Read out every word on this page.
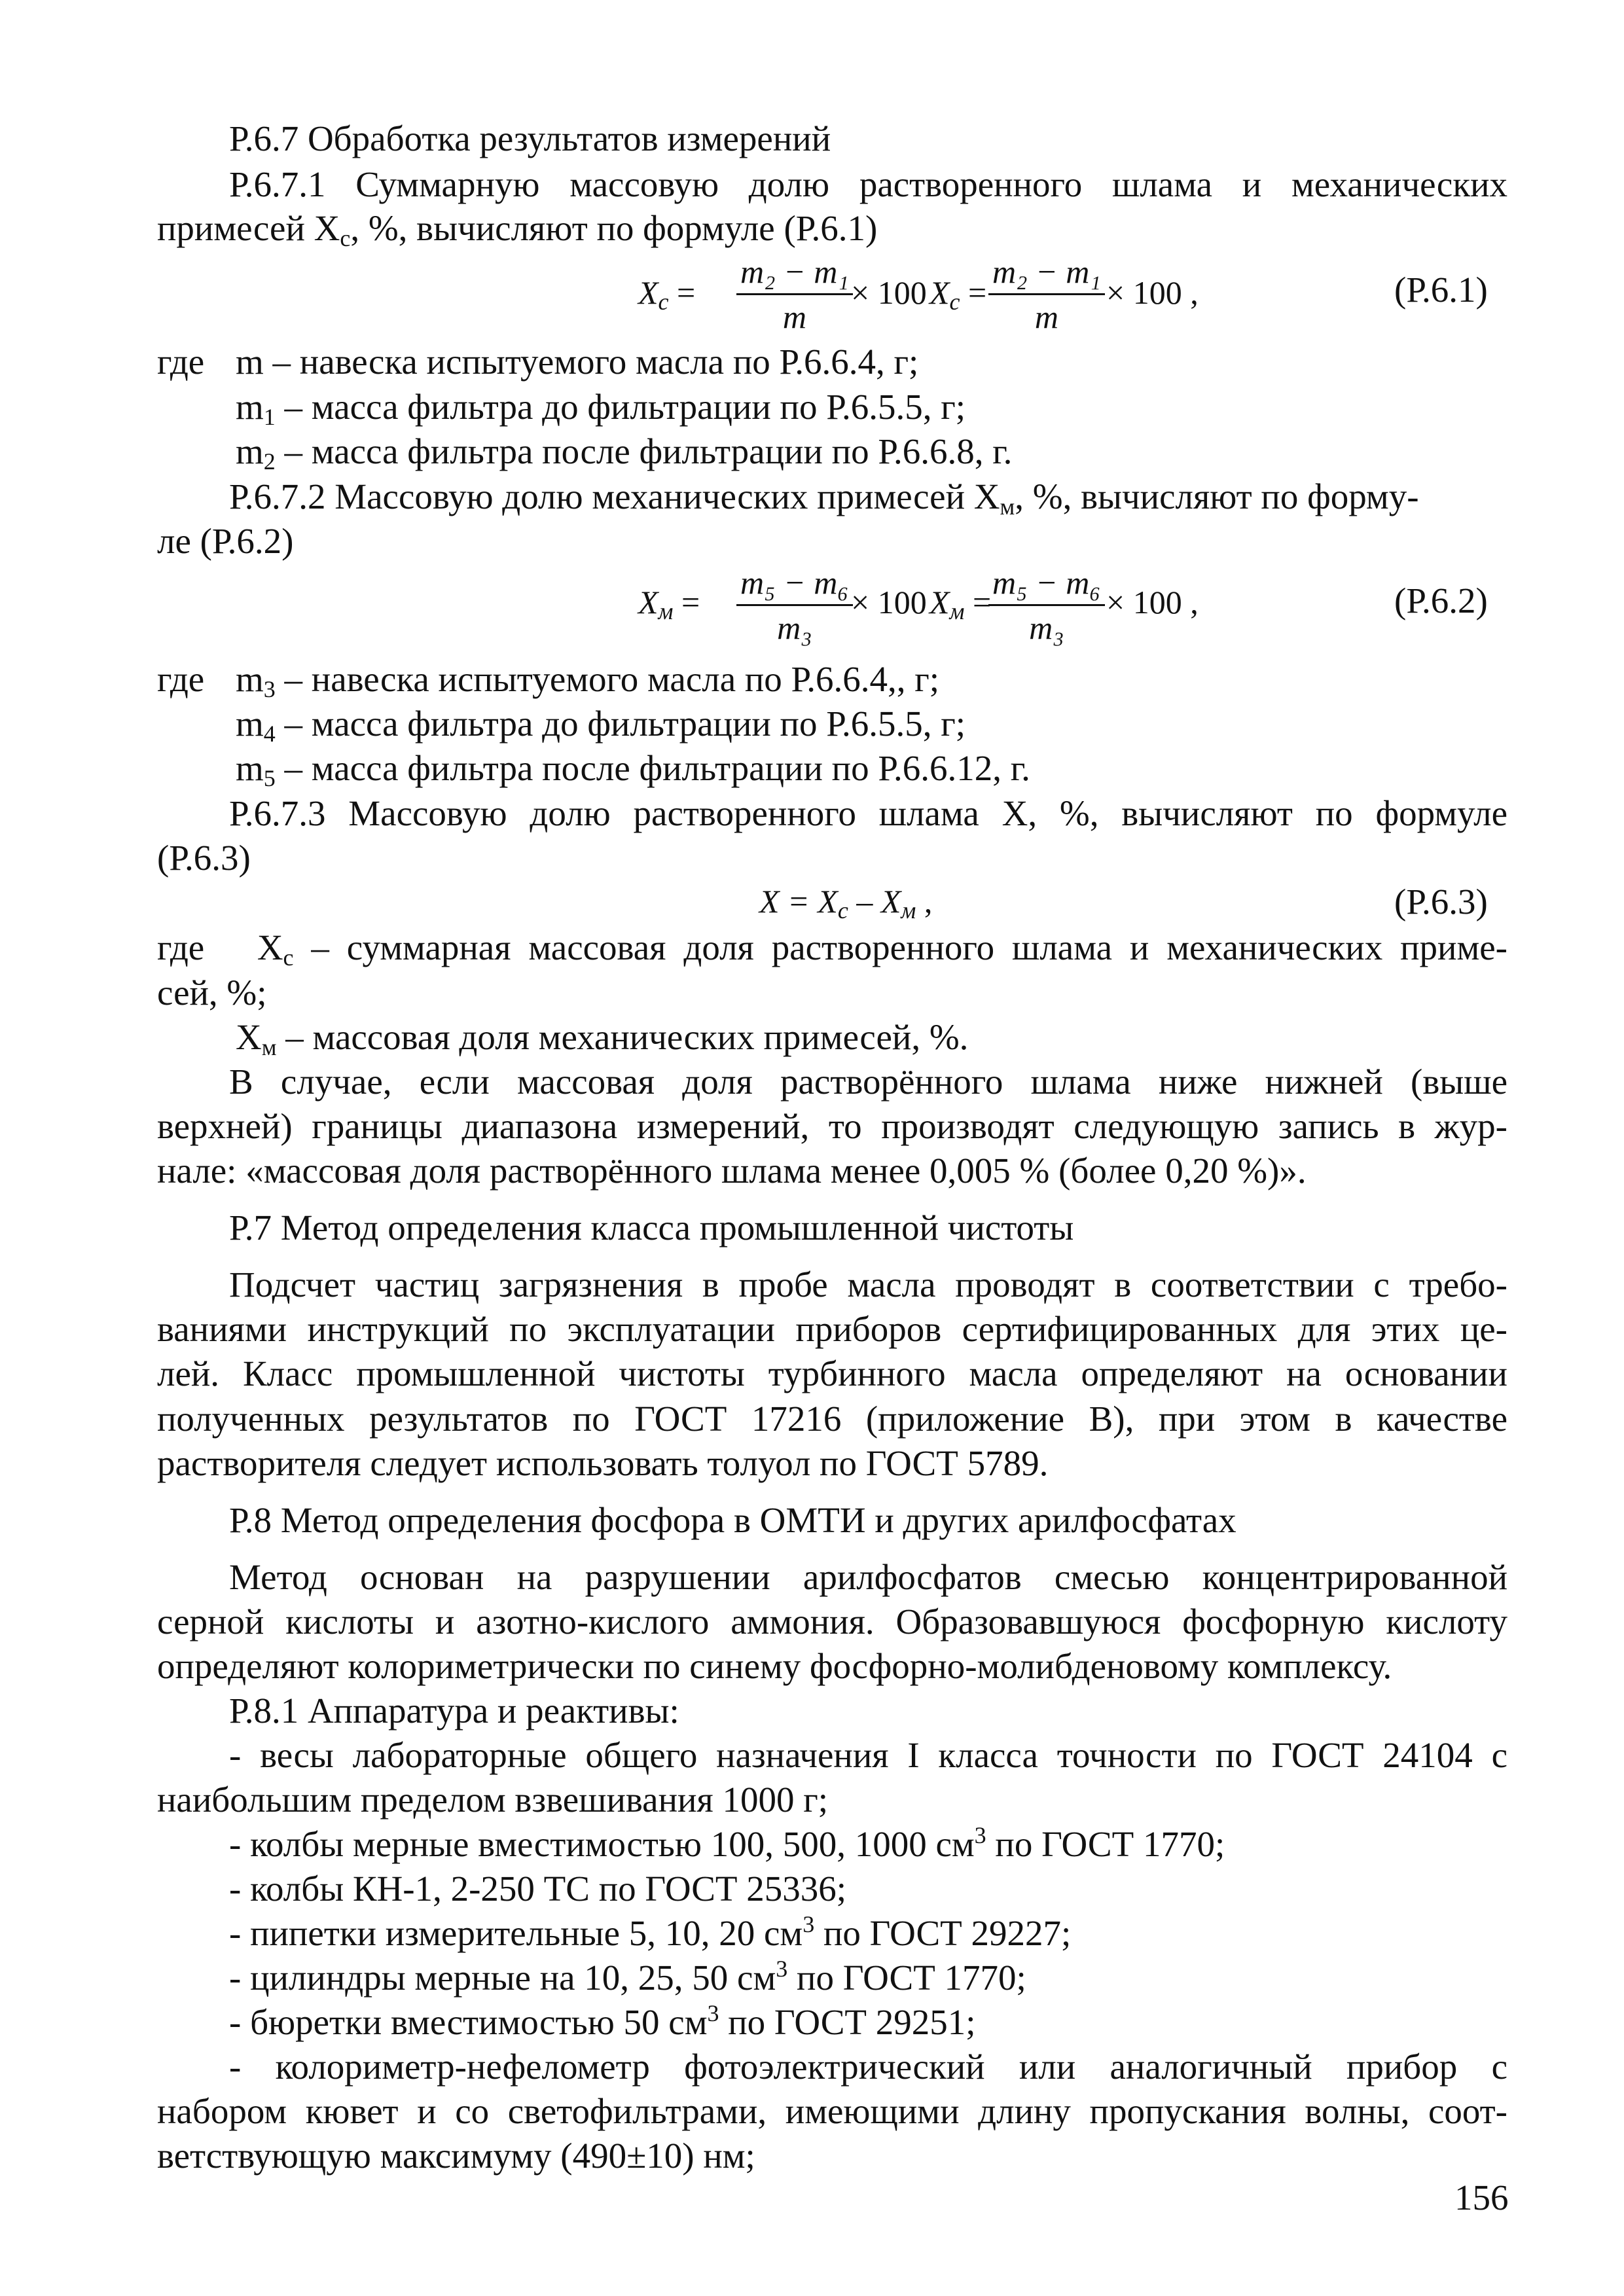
Р.6.7 Обработка результатов измерений
Р.6.7.1 Суммарную массовую долю растворенного шлама и механических
примесей $X_с$, %, вычисляют по формуле (Р.6.1)
$X_c = \frac{\text{m₂ − m₁}}{m}$
× 100 $X_c = \frac{\text{m₂ − m₁}}{m} \times 100$ ,	(Р.6.1)
где m – навеска испытуемого масла по Р.6.6.4, г;
$m_1$ – масса фильтра до фильтрации по Р.6.5.5, г;
$m_2$ – масса фильтра после фильтрации по Р.6.6.8, г.
Р.6.7.2 Массовую долю механических примесей $X_м$, %, вычисляют по форму-
ле (Р.6.2)
$X_м = \frac{\text{m₅ − m₆}}{\text{m₃}}$
× 100 $X_м$ =
$\frac{\text{m₅ − m₆}}{\text{m₃}} \times 100$ ,	(Р.6.2)
где $m_3$ – навеска испытуемого масла по Р.6.6.4,, г;
$m_4$ – масса фильтра до фильтрации по Р.6.5.5, г;
$m_5$ – масса фильтра после фильтрации по Р.6.6.12, г.
Р.6.7.3 Массовую долю растворенного шлама X, %, вычисляют по формуле
(Р.6.3)
$X = X_c - X_м$ ,	(Р.6.3)
где $X_с$ – суммарная массовая доля растворенного шлама и механических приме-
сей, %;
$X_м$ – массовая доля механических примесей, %.
В случае, если массовая доля растворённого шлама ниже нижней (выше
верхней) границы диапазона измерений, то производят следующую запись в жур-
нале: «массовая доля растворённого шлама менее 0,005 % (более 0,20 %)».
Р.7 Метод определения класса промышленной чистоты
Подсчет частиц загрязнения в пробе масла проводят в соответствии с требо-
ваниями инструкций по эксплуатации приборов сертифицированных для этих це-
лей. Класс промышленной чистоты турбинного масла определяют на основании
полученных результатов по ГОСТ 17216 (приложение В), при этом в качестве
растворителя следует использовать толуол по ГОСТ 5789.
Р.8 Метод определения фосфора в ОМТИ и других арилфосфатах
Метод основан на разрушении арилфосфатов смесью концентрированной
серной кислоты и азотно-кислого аммония. Образовавшуюся фосфорную кислоту
определяют колориметрически по синему фосфорно-молибденовому комплексу.
Р.8.1 Аппаратура и реактивы:
- весы лабораторные общего назначения I класса точности по ГОСТ 24104 с
наибольшим пределом взвешивания 1000 г;
- колбы мерные вместимостью 100, 500, 1000 $см^3$ по ГОСТ 1770;
- колбы КН-1, 2-250 ТС по ГОСТ 25336;
- пипетки измерительные 5, 10, 20 $см^3$ по ГОСТ 29227;
- цилиндры мерные на 10, 25, 50 $см^3$ по ГОСТ 1770;
- бюретки вместимостью 50 $см^3$ по ГОСТ 29251;
- колориметр-нефелометр фотоэлектрический или аналогичный прибор с
набором кювет и со светофильтрами, имеющими длину пропускания волны, соот-
ветствующую максимуму (490±10) нм;
156
